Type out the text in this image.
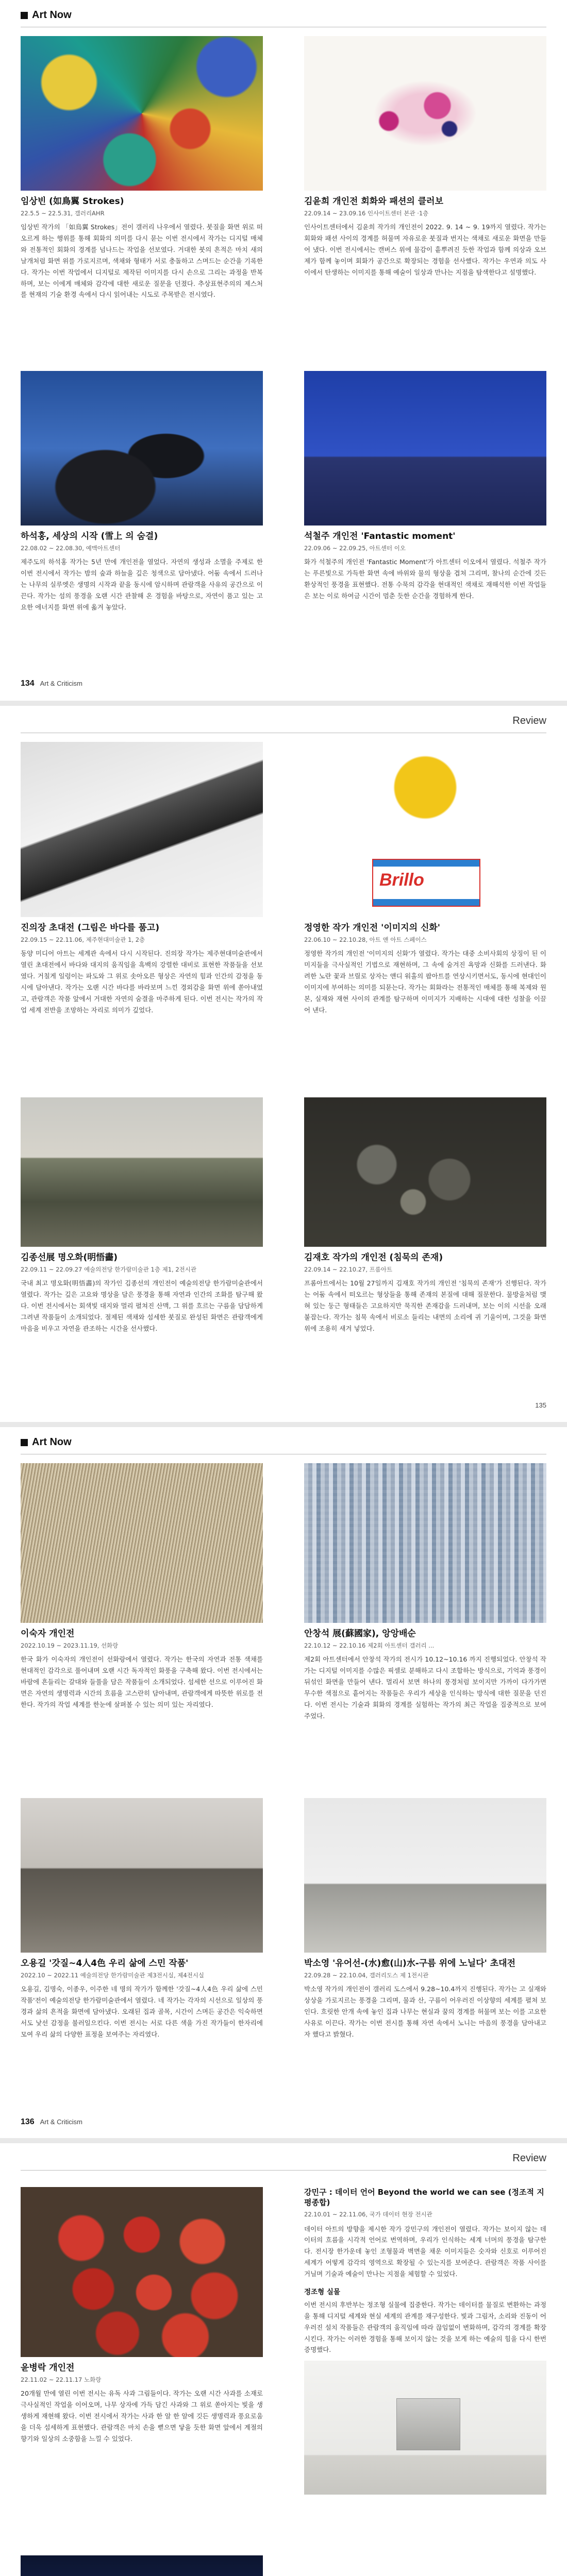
Art Now
임상빈 (如鳥翼 Strokes)
22.5.5 ~ 22.5.31, 갤러리AHR

임상빈 작가의 「如鳥翼 Strokes」전이 갤러리 나우에서 열렸다. 붓질을 화면 위로 떠오르게 하는 행위를 통해 회화의 의미를 다시 묻는 이번 전시에서 작가는 디지털 매체와 전통적인 회화의 경계를 넘나드는 작업을 선보였다. 거대한 붓의 흔적은 마치 새의 날개처럼 화면 위를 가로지르며, 색채와 형태가 서로 충돌하고 스며드는 순간을 기록한다. 작가는 이번 작업에서 디지털로 제작된 이미지를 다시 손으로 그리는 과정을 반복하며, 보는 이에게 매체와 감각에 대한 새로운 질문을 던졌다. 추상표현주의의 제스처를 현재의 기술 환경 속에서 다시 읽어내는 시도로 주목받은 전시였다.

김윤희 개인전 회화와 패션의 클러보
22.09.14 ~ 23.09.16 인사이트센터 본관 ·1층

인사이트센터에서 김윤희 작가의 개인전이 2022. 9. 14 ~ 9. 19까지 열렸다. 작가는 회화와 패션 사이의 경계를 허물며 자유로운 붓질과 번지는 색채로 새로운 화면을 만들어 냈다. 이번 전시에서는 캔버스 위에 물감이 흩뿌려진 듯한 작업과 함께 의상과 오브제가 함께 놓이며 회화가 공간으로 확장되는 경험을 선사했다. 작가는 우연과 의도 사이에서 탄생하는 이미지를 통해 예술이 일상과 만나는 지점을 탐색한다고 설명했다.

하석홍, 세상의 시작 (雪上 의 숨결)
22.08.02 ~ 22.08.30, 예맥아트센터

제주도의 하석홍 작가는 5년 만에 개인전을 열었다. 자연의 생성과 소멸을 주제로 한 이번 전시에서 작가는 밤의 숲과 하늘을 깊은 청색으로 담아냈다. 어둠 속에서 드러나는 나무의 실루엣은 생명의 시작과 끝을 동시에 암시하며 관람객을 사유의 공간으로 이끈다. 작가는 섬의 풍경을 오랜 시간 관찰해 온 경험을 바탕으로, 자연이 품고 있는 고요한 에너지를 화면 위에 옮겨 놓았다.

석철주 개인전 'Fantastic moment'
22.09.06 ~ 22.09.25, 아트센터 이오

화가 석철주의 개인전 'Fantastic Moment'가 아트센터 이오에서 열렸다. 석철주 작가는 푸른빛으로 가득한 화면 속에 바위와 물의 형상을 겹쳐 그리며, 찰나의 순간에 깃든 환상적인 풍경을 표현했다. 전통 수묵의 감각을 현대적인 색채로 재해석한 이번 작업들은 보는 이로 하여금 시간이 멈춘 듯한 순간을 경험하게 한다.

134 Art & Criticism
Review
진의장 초대전 (그림은 바다를 품고)
22.09.15 ~ 22.11.06, 제주현대미술관 1, 2층

동양 미디어 아트는 세계관 속에서 다시 시작된다. 진의장 작가는 제주현대미술관에서 열린 초대전에서 바다와 대지의 움직임을 흑백의 강렬한 대비로 표현한 작품들을 선보였다. 거칠게 일렁이는 파도와 그 위로 솟아오른 형상은 자연의 힘과 인간의 감정을 동시에 담아낸다. 작가는 오랜 시간 바다를 바라보며 느낀 경외감을 화면 위에 쏟아내었고, 관람객은 작품 앞에서 거대한 자연의 숨결을 마주하게 된다. 이번 전시는 작가의 작업 세계 전반을 조망하는 자리로 의미가 깊었다.

Brillo
정영한 작가 개인전 '이미지의 신화'
22.06.10 ~ 22.10.28, 아트 앤 아트 스페이스

정영한 작가의 개인전 '이미지의 신화'가 열렸다. 작가는 대중 소비사회의 상징이 된 이미지들을 극사실적인 기법으로 재현하며, 그 속에 숨겨진 욕망과 신화를 드러낸다. 화려한 노란 꽃과 브릴로 상자는 앤디 워홀의 팝아트를 연상시키면서도, 동시에 현대인이 이미지에 부여하는 의미를 되묻는다. 작가는 회화라는 전통적인 매체를 통해 복제와 원본, 실재와 재현 사이의 관계를 탐구하며 이미지가 지배하는 시대에 대한 성찰을 이끌어 낸다.

김종선展 명오화(明悟畵)
22.09.11 ~ 22.09.27 예술의전당 한가람미술관 1층 제1, 2전시관

국내 최고 명오화(明悟畵)의 작가인 김종선의 개인전이 예술의전당 한가람미술관에서 열렸다. 작가는 깊은 고요와 명상을 담은 풍경을 통해 자연과 인간의 조화를 탐구해 왔다. 이번 전시에서는 회색빛 대지와 멀리 펼쳐진 산맥, 그 위를 흐르는 구름을 담담하게 그려낸 작품들이 소개되었다. 절제된 색채와 섬세한 붓질로 완성된 화면은 관람객에게 마음을 비우고 자연을 관조하는 시간을 선사했다.

김재호 작가의 개인전 (침묵의 존재)
22.09.14 ~ 22.10.27, 프롬아트

프롬아트에서는 10월 27일까지 김재호 작가의 개인전 '침묵의 존재'가 진행된다. 작가는 어둠 속에서 떠오르는 형상들을 통해 존재의 본질에 대해 질문한다. 물방울처럼 맺혀 있는 둥근 형태들은 고요하지만 묵직한 존재감을 드러내며, 보는 이의 시선을 오래 붙잡는다. 작가는 침묵 속에서 비로소 들리는 내면의 소리에 귀 기울이며, 그것을 화면 위에 조용히 새겨 넣었다.

135
Art Now
이숙자 개인전
2022.10.19 ~ 2023.11.19, 선화랑

한국 화가 이숙자의 개인전이 선화랑에서 열렸다. 작가는 한국의 자연과 전통 색채를 현대적인 감각으로 풀어내며 오랜 시간 독자적인 화풍을 구축해 왔다. 이번 전시에서는 바람에 흔들리는 갈대와 들풀을 담은 작품들이 소개되었다. 섬세한 선으로 이루어진 화면은 자연의 생명력과 시간의 흐름을 고스란히 담아내며, 관람객에게 따뜻한 위로를 전한다. 작가의 작업 세계를 한눈에 살펴볼 수 있는 의미 있는 자리였다.

안창석 展(蘇國家), 앙앙배순
22.10.12 ~ 22.10.16 제2회 아트센터 갤러리 ...

제2회 아트센터에서 안창석 작가의 전시가 10.12~10.16 까지 진행되었다. 안창석 작가는 디지털 이미지를 수많은 픽셀로 분해하고 다시 조합하는 방식으로, 기억과 풍경이 뒤섞인 화면을 만들어 낸다. 멀리서 보면 하나의 풍경처럼 보이지만 가까이 다가가면 무수한 색점으로 흩어지는 작품들은 우리가 세상을 인식하는 방식에 대한 질문을 던진다. 이번 전시는 기술과 회화의 경계를 실험하는 작가의 최근 작업을 집중적으로 보여주었다.

오용길 '갓질~4人4色 우리 삶에 스민 작품'
2022.10 ~ 2022.11 예술의전당 한가람미술관 제3전시실, 제4전시실

오용길, 김명숙, 이종우, 이주한 네 명의 작가가 함께한 '갓질~4人4色 우리 삶에 스민 작품'전이 예술의전당 한가람미술관에서 열렸다. 네 작가는 각자의 시선으로 일상의 풍경과 삶의 흔적을 화면에 담아냈다. 오래된 집과 골목, 시간이 스며든 공간은 익숙하면서도 낯선 감정을 불러일으킨다. 이번 전시는 서로 다른 색을 가진 작가들이 한자리에 모여 우리 삶의 다양한 표정을 보여주는 자리였다.

박소영 '유어선-(水)愈(山)水-구름 위에 노닐다' 초대전
22.09.28 ~ 22.10.04, 갤러리도스 제 1전시관

박소영 작가의 개인전이 갤러리 도스에서 9.28~10.4까지 진행된다. 작가는 고 실재와 상상을 가로지르는 풍경을 그리며, 물과 산, 구름이 어우러진 이상향의 세계를 펼쳐 보인다. 흐릿한 안개 속에 놓인 집과 나무는 현실과 꿈의 경계를 허물며 보는 이를 고요한 사유로 이끈다. 작가는 이번 전시를 통해 자연 속에서 노니는 마음의 풍경을 담아내고자 했다고 밝혔다.

136 Art & Criticism
Review
윤병락 개인전
22.11.02 ~ 22.11.17 노화랑

20개월 만에 열린 이번 전시는 유독 사과 그림들이다. 작가는 오랜 시간 사과를 소재로 극사실적인 작업을 이어오며, 나무 상자에 가득 담긴 사과와 그 위로 쏟아지는 빛을 생생하게 재현해 왔다. 이번 전시에서 작가는 사과 한 알 한 알에 깃든 생명력과 풍요로움을 더욱 섬세하게 표현했다. 관람객은 마치 손을 뻗으면 닿을 듯한 화면 앞에서 계절의 향기와 일상의 소중함을 느낄 수 있었다.

강민구 : 데이터 언어 Beyond the world we can see (정조적 지평종합)
22.10.01 ~ 22.11.06, 국가 데이터 현장 전시관

데이터 아트의 방향을 제시한 작가 강민구의 개인전이 열렸다. 작가는 보이지 않는 데이터의 흐름을 시각적 언어로 번역하며, 우리가 인식하는 세계 너머의 풍경을 탐구한다. 전시장 한가운데 놓인 조형물과 벽면을 채운 이미지들은 숫자와 신호로 이루어진 세계가 어떻게 감각의 영역으로 확장될 수 있는지를 보여준다. 관람객은 작품 사이를 거닐며 기술과 예술이 만나는 지점을 체험할 수 있었다.

정조형 실물

이번 전시의 후반부는 정조형 실물에 집중한다. 작가는 데이터를 물질로 변환하는 과정을 통해 디지털 세계와 현실 세계의 관계를 재구성한다. 빛과 그림자, 소리와 진동이 어우러진 설치 작품들은 관람객의 움직임에 따라 끊임없이 변화하며, 감각의 경계를 확장시킨다. 작가는 이러한 경험을 통해 보이지 않는 것을 보게 하는 예술의 힘을 다시 한번 증명했다.
